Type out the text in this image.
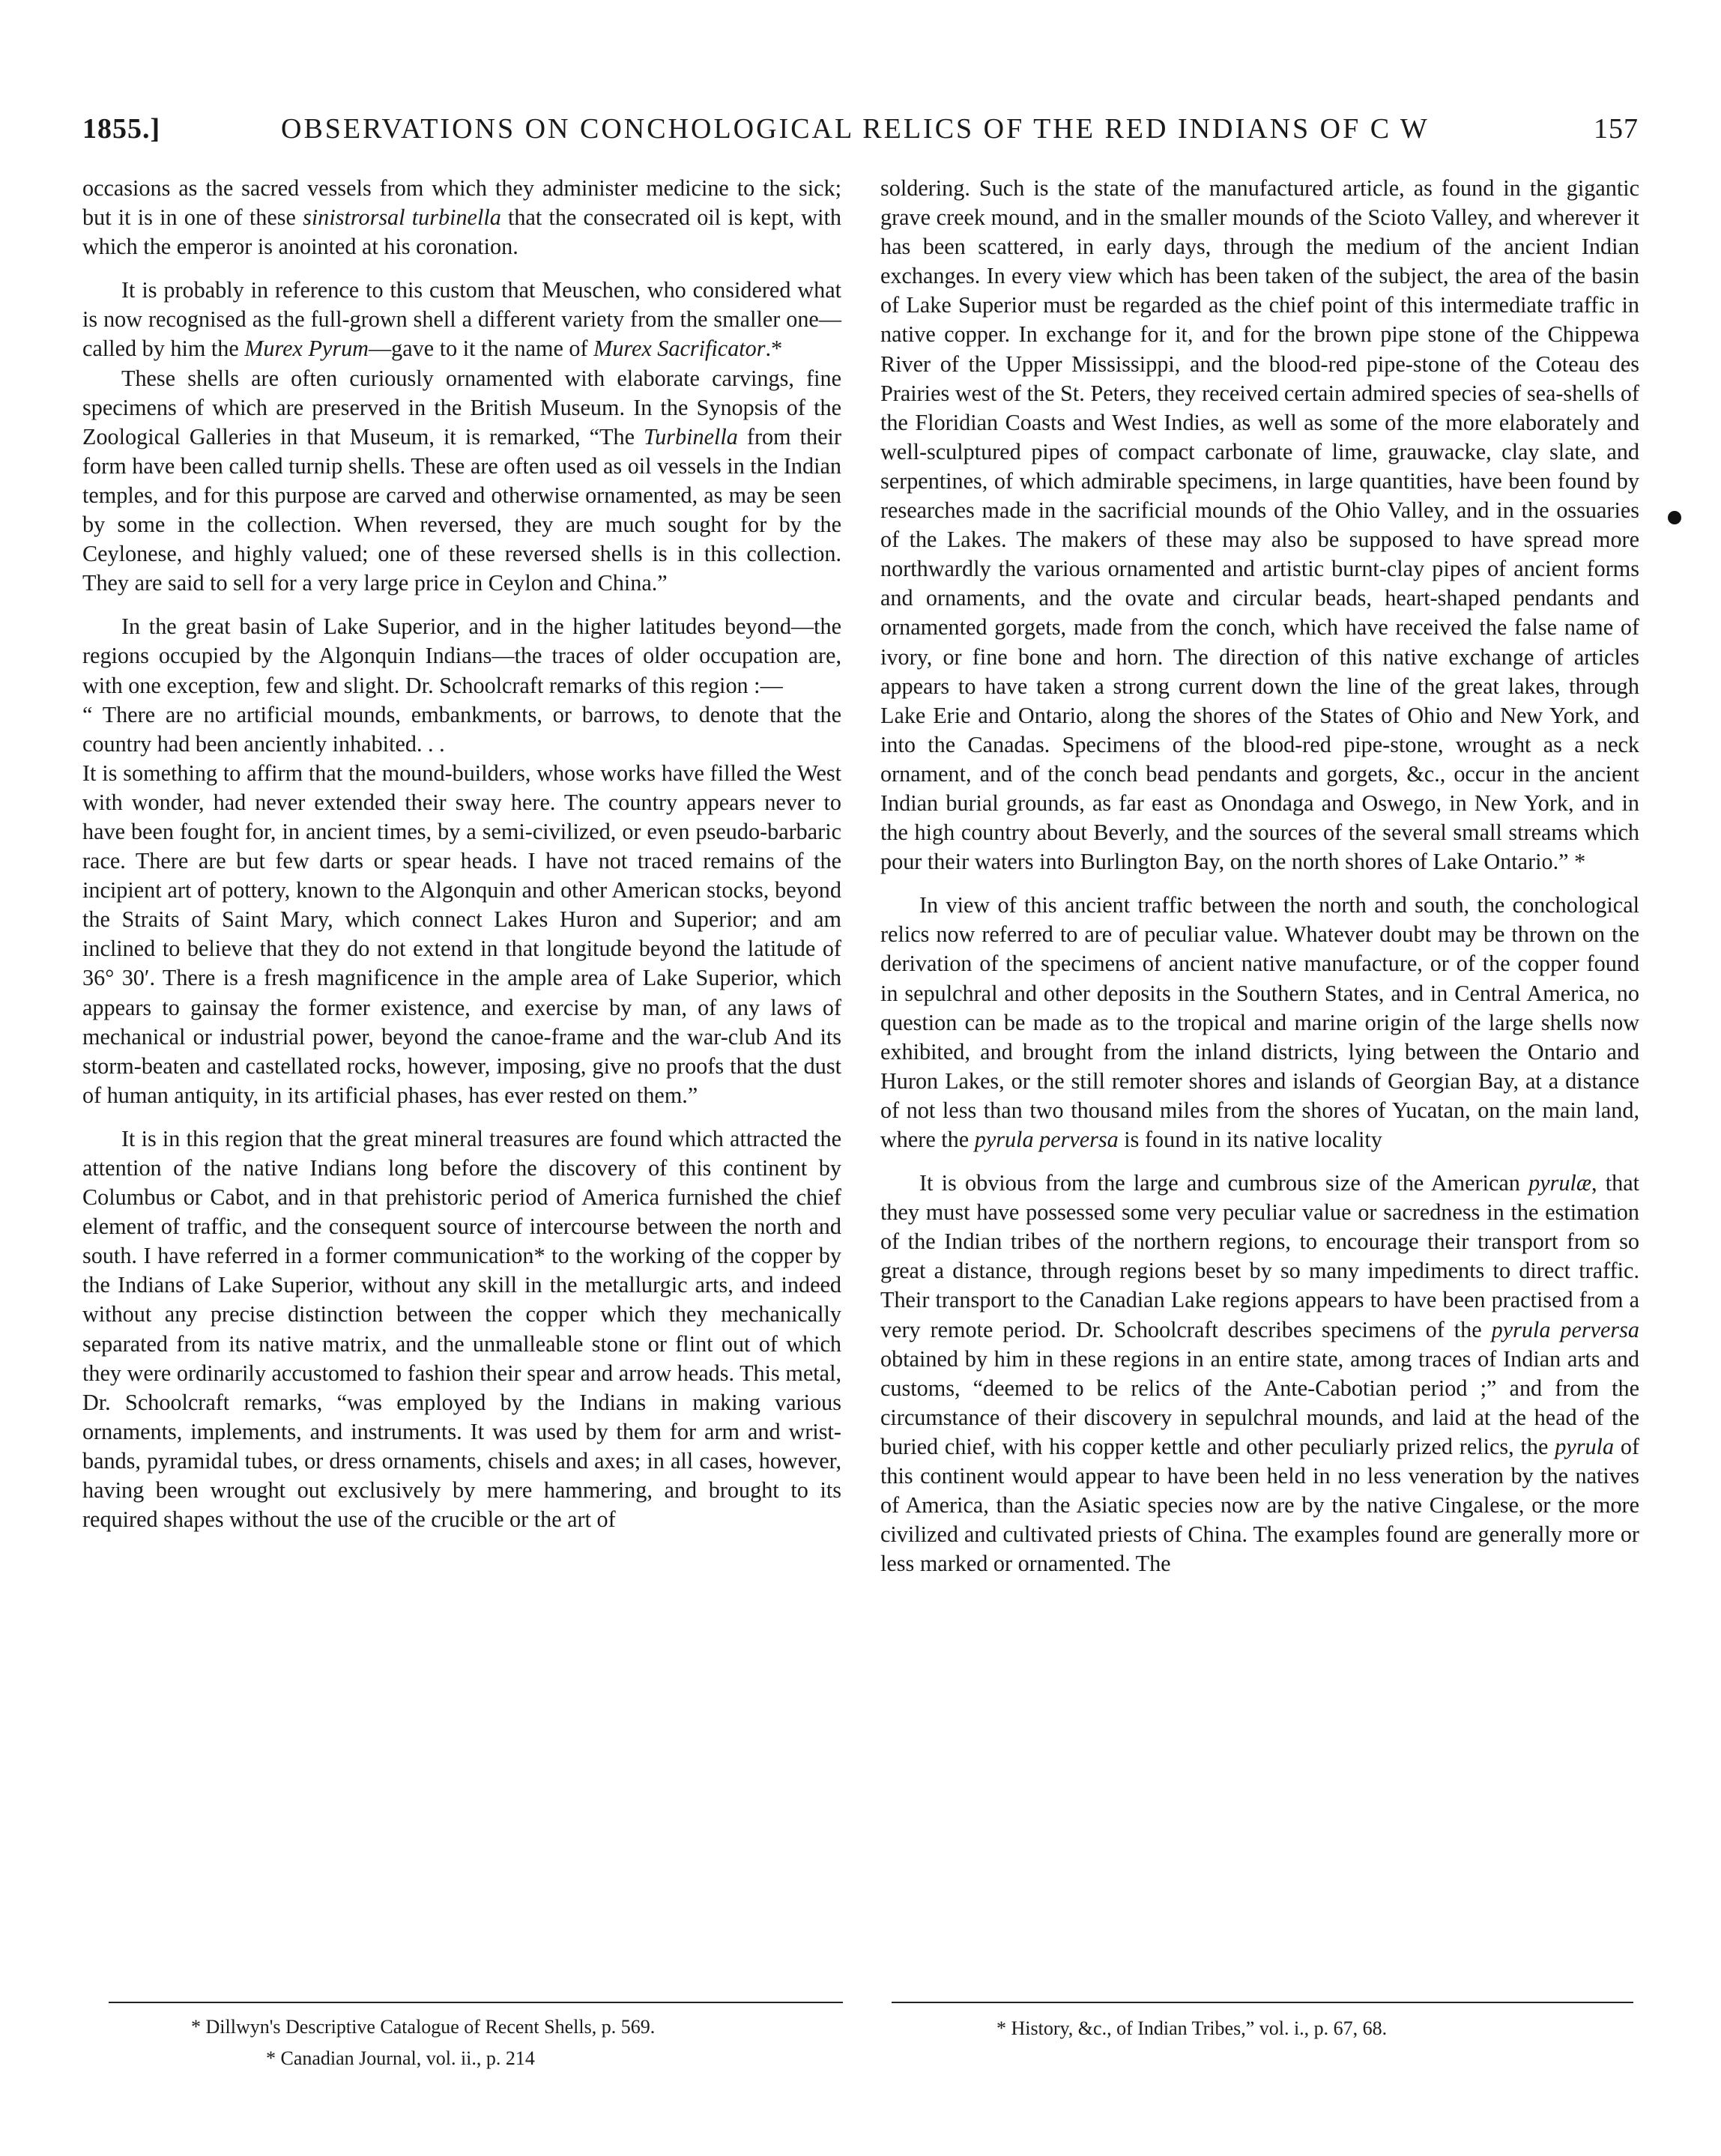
1855.]	OBSERVATIONS ON CONCHOLOGICAL RELICS OF THE RED INDIANS OF C W	157

occasions as the sacred vessels from which they administer medicine to the sick; but it is in one of these sinistrorsal turbinella that the consecrated oil is kept, with which the emperor is anointed at his coronation.

It is probably in reference to this custom that Meuschen, who considered what is now recognised as the full-grown shell a different variety from the smaller one—called by him the Murex Pyrum—gave to it the name of Murex Sacrificator.*

These shells are often curiously ornamented with elaborate carvings, fine specimens of which are preserved in the British Museum. In the Synopsis of the Zoological Galleries in that Museum, it is remarked, “The Turbinella from their form have been called turnip shells. These are often used as oil vessels in the Indian temples, and for this purpose are carved and otherwise ornamented, as may be seen by some in the collection. When reversed, they are much sought for by the Ceylonese, and highly valued; one of these reversed shells is in this collection. They are said to sell for a very large price in Ceylon and China.”

In the great basin of Lake Superior, and in the higher latitudes beyond—the regions occupied by the Algonquin Indians—the traces of older occupation are, with one exception, few and slight. Dr. Schoolcraft remarks of this region :—

“ There are no artificial mounds, embankments, or barrows, to denote that the country had been anciently inhabited. . .

It is something to affirm that the mound-builders, whose works have filled the West with wonder, had never extended their sway here. The country appears never to have been fought for, in ancient times, by a semi-civilized, or even pseudo-barbaric race. There are but few darts or spear heads. I have not traced remains of the incipient art of pottery, known to the Algonquin and other American stocks, beyond the Straits of Saint Mary, which connect Lakes Huron and Superior; and am inclined to believe that they do not extend in that longitude beyond the latitude of 36° 30′. There is a fresh magnificence in the ample area of Lake Superior, which appears to gainsay the former existence, and exercise by man, of any laws of mechanical or industrial power, beyond the canoe-frame and the war-club And its storm-beaten and castellated rocks, however, imposing, give no proofs that the dust of human antiquity, in its artificial phases, has ever rested on them.”

It is in this region that the great mineral treasures are found which attracted the attention of the native Indians long before the discovery of this continent by Columbus or Cabot, and in that prehistoric period of America furnished the chief element of traffic, and the consequent source of intercourse between the north and south. I have referred in a former communication* to the working of the copper by the Indians of Lake Superior, without any skill in the metallurgic arts, and indeed without any precise distinction between the copper which they mechanically separated from its native matrix, and the unmalleable stone or flint out of which they were ordinarily accustomed to fashion their spear and arrow heads. This metal, Dr. Schoolcraft remarks, “was employed by the Indians in making various ornaments, implements, and instruments. It was used by them for arm and wrist-bands, pyramidal tubes, or dress ornaments, chisels and axes; in all cases, however, having been wrought out exclusively by mere hammering, and brought to its required shapes without the use of the crucible or the art of

soldering. Such is the state of the manufactured article, as found in the gigantic grave creek mound, and in the smaller mounds of the Scioto Valley, and wherever it has been scattered, in early days, through the medium of the ancient Indian exchanges. In every view which has been taken of the subject, the area of the basin of Lake Superior must be regarded as the chief point of this intermediate traffic in native copper. In exchange for it, and for the brown pipe stone of the Chippewa River of the Upper Mississippi, and the blood-red pipe-stone of the Coteau des Prairies west of the St. Peters, they received certain admired species of sea-shells of the Floridian Coasts and West Indies, as well as some of the more elaborately and well-sculptured pipes of compact carbonate of lime, grauwacke, clay slate, and serpentines, of which admirable specimens, in large quantities, have been found by researches made in the sacrificial mounds of the Ohio Valley, and in the ossuaries of the Lakes. The makers of these may also be supposed to have spread more northwardly the various ornamented and artistic burnt-clay pipes of ancient forms and ornaments, and the ovate and circular beads, heart-shaped pendants and ornamented gorgets, made from the conch, which have received the false name of ivory, or fine bone and horn. The direction of this native exchange of articles appears to have taken a strong current down the line of the great lakes, through Lake Erie and Ontario, along the shores of the States of Ohio and New York, and into the Canadas. Specimens of the blood-red pipe-stone, wrought as a neck ornament, and of the conch bead pendants and gorgets, &c., occur in the ancient Indian burial grounds, as far east as Onondaga and Oswego, in New York, and in the high country about Beverly, and the sources of the several small streams which pour their waters into Burlington Bay, on the north shores of Lake Ontario.” *

In view of this ancient traffic between the north and south, the conchological relics now referred to are of peculiar value. Whatever doubt may be thrown on the derivation of the specimens of ancient native manufacture, or of the copper found in sepulchral and other deposits in the Southern States, and in Central America, no question can be made as to the tropical and marine origin of the large shells now exhibited, and brought from the inland districts, lying between the Ontario and Huron Lakes, or the still remoter shores and islands of Georgian Bay, at a distance of not less than two thousand miles from the shores of Yucatan, on the main land, where the pyrula perversa is found in its native locality

It is obvious from the large and cumbrous size of the American pyrulæ, that they must have possessed some very peculiar value or sacredness in the estimation of the Indian tribes of the northern regions, to encourage their transport from so great a distance, through regions beset by so many impediments to direct traffic. Their transport to the Canadian Lake regions appears to have been practised from a very remote period. Dr. Schoolcraft describes specimens of the pyrula perversa obtained by him in these regions in an entire state, among traces of Indian arts and customs, “deemed to be relics of the Ante-Cabotian period ;” and from the circumstance of their discovery in sepulchral mounds, and laid at the head of the buried chief, with his copper kettle and other peculiarly prized relics, the pyrula of this continent would appear to have been held in no less veneration by the natives of America, than the Asiatic species now are by the native Cingalese, or the more civilized and cultivated priests of China. The examples found are generally more or less marked or ornamented. The

* Dillwyn's Descriptive Catalogue of Recent Shells, p. 569.
* Canadian Journal, vol. ii., p. 214
* History, &c., of Indian Tribes,” vol. i., p. 67, 68.
